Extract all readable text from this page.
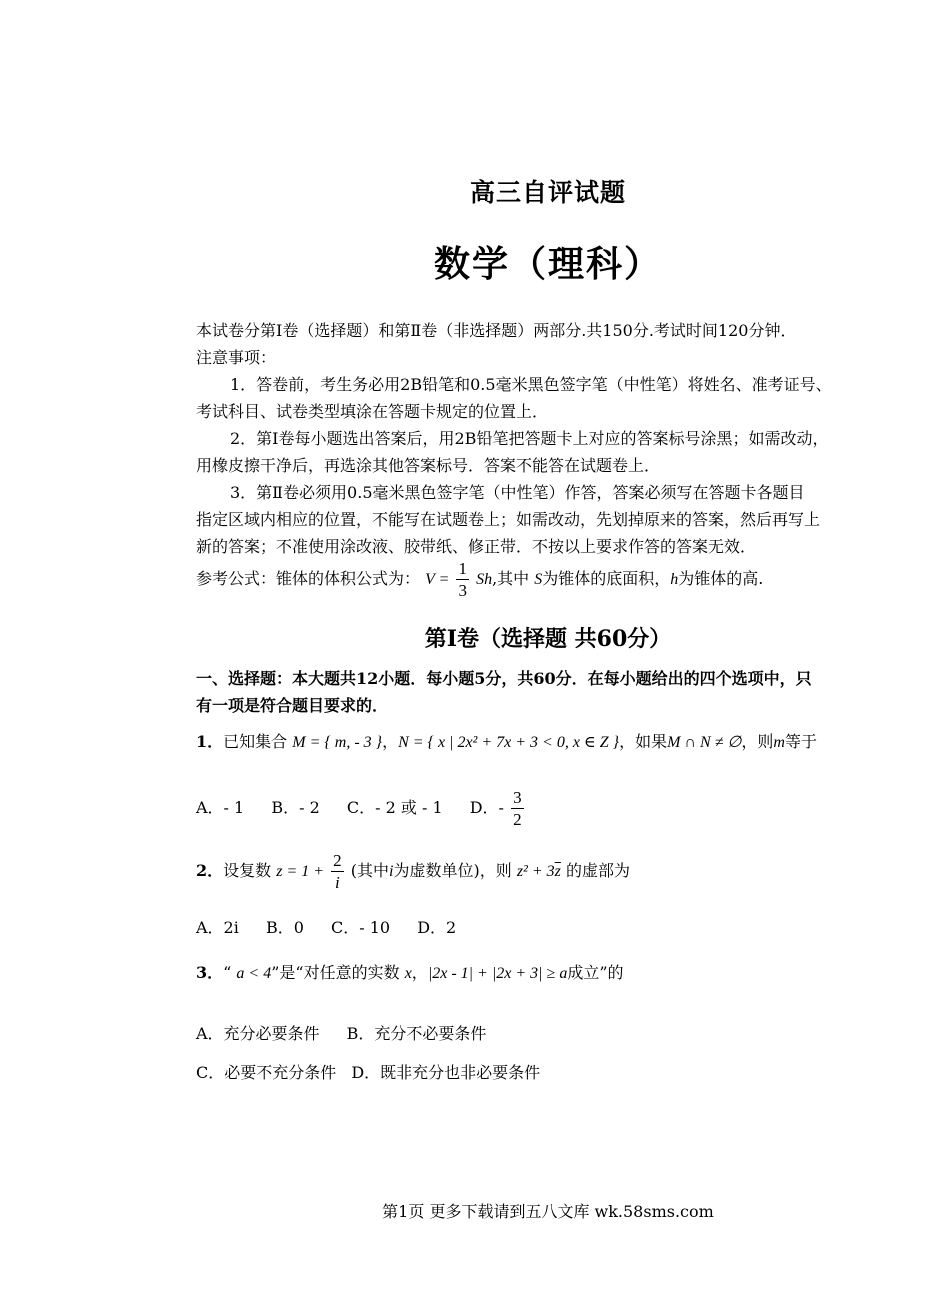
高三自评试题
数学（理科）
本试卷分第Ⅰ卷（选择题）和第Ⅱ卷（非选择题）两部分.共150分.考试时间120分钟．
注意事项：
1．答卷前，考生务必用2B铅笔和0.5毫米黑色签字笔（中性笔）将姓名、准考证号、
考试科目、试卷类型填涂在答题卡规定的位置上．
2．第Ⅰ卷每小题选出答案后，用2B铅笔把答题卡上对应的答案标号涂黑；如需改动，
用橡皮擦干净后，再选涂其他答案标号．答案不能答在试题卷上．
3．第Ⅱ卷必须用0.5毫米黑色签字笔（中性笔）作答，答案必须写在答题卡各题目
指定区域内相应的位置，不能写在试题卷上；如需改动，先划掉原来的答案，然后再写上
新的答案；不准使用涂改液、胶带纸、修正带．不按以上要求作答的答案无效．
参考公式：锥体的体积公式为： $V = \frac{1}{3} Sh$,其中 S为锥体的底面积，h为锥体的高.
第Ⅰ卷（选择题 共60分）
一、选择题：本大题共12小题．每小题5分，共60分．在每小题给出的四个选项中，只
有一项是符合题目要求的．
1．已知集合 M = { m, - 3 }，N = { x | 2x² + 7x + 3 < 0, x ∈ Z }，如果M ∩ N ≠ ∅，则m等于
A．- 1 B．- 2 C．- 2 或 - 1 D．- $\frac{3}{2}$
2．设复数 $z = 1 + \frac{2}{i}$ (其中i为虚数单位)，则 $z^2 + 3\overline{z}$ 的虚部为
A．2i B．0 C．- 10 D．2
3．“ a < 4”是“对任意的实数 x，|2x - 1| + |2x + 3| ≥ a成立”的
A．充分必要条件 B．充分不必要条件
C．必要不充分条件 D．既非充分也非必要条件
第1页 更多下载请到五八文库 wk.58sms.com
